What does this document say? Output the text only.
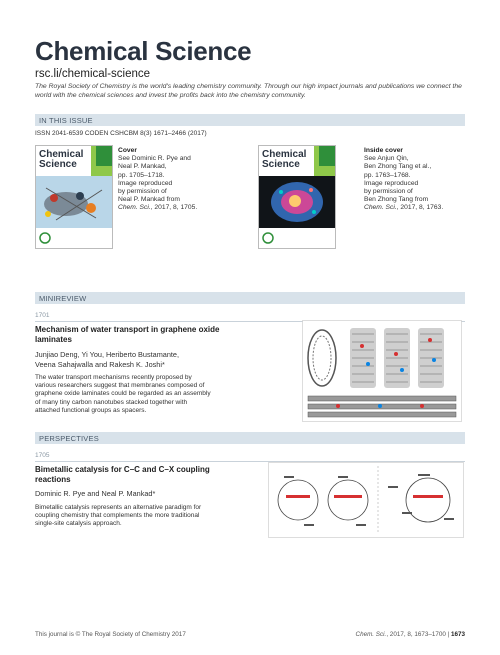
Chemical Science
rsc.li/chemical-science
The Royal Society of Chemistry is the world's leading chemistry community. Through our high impact journals and publications we connect the world with the chemical sciences and invest the profits back into the chemistry community.
IN THIS ISSUE
ISSN 2041-6539 CODEN CSHCBM 8(3) 1671–2466 (2017)
Chemical Science
Cover
See Dominic R. Pye and
Neal P. Mankad,
pp. 1705–1718.
Image reproduced
by permission of
Neal P. Mankad from
Chem. Sci., 2017, 8, 1705.
Chemical Science
Inside cover
See Anjun Qin,
Ben Zhong Tang et al.,
pp. 1763–1768.
Image reproduced
by permission of
Ben Zhong Tang from
Chem. Sci., 2017, 8, 1763.
MINIREVIEW
1701
Mechanism of water transport in graphene oxide
laminates
Junjiao Deng, Yi You, Heriberto Bustamante,
Veena Sahajwalla and Rakesh K. Joshi*
The water transport mechanisms recently proposed by
various researchers suggest that membranes composed of
graphene oxide laminates could be regarded as an assembly
of many tiny carbon nanotubes stacked together with
attached functional groups as spacers.
PERSPECTIVES
1705
Bimetallic catalysis for C–C and C–X coupling
reactions
Dominic R. Pye and Neal P. Mankad*
Bimetallic catalysis represents an alternative paradigm for
coupling chemistry that complements the more traditional
single-site catalysis approach.
This journal is © The Royal Society of Chemistry 2017	Chem. Sci., 2017, 8, 1673–1700 | 1673
